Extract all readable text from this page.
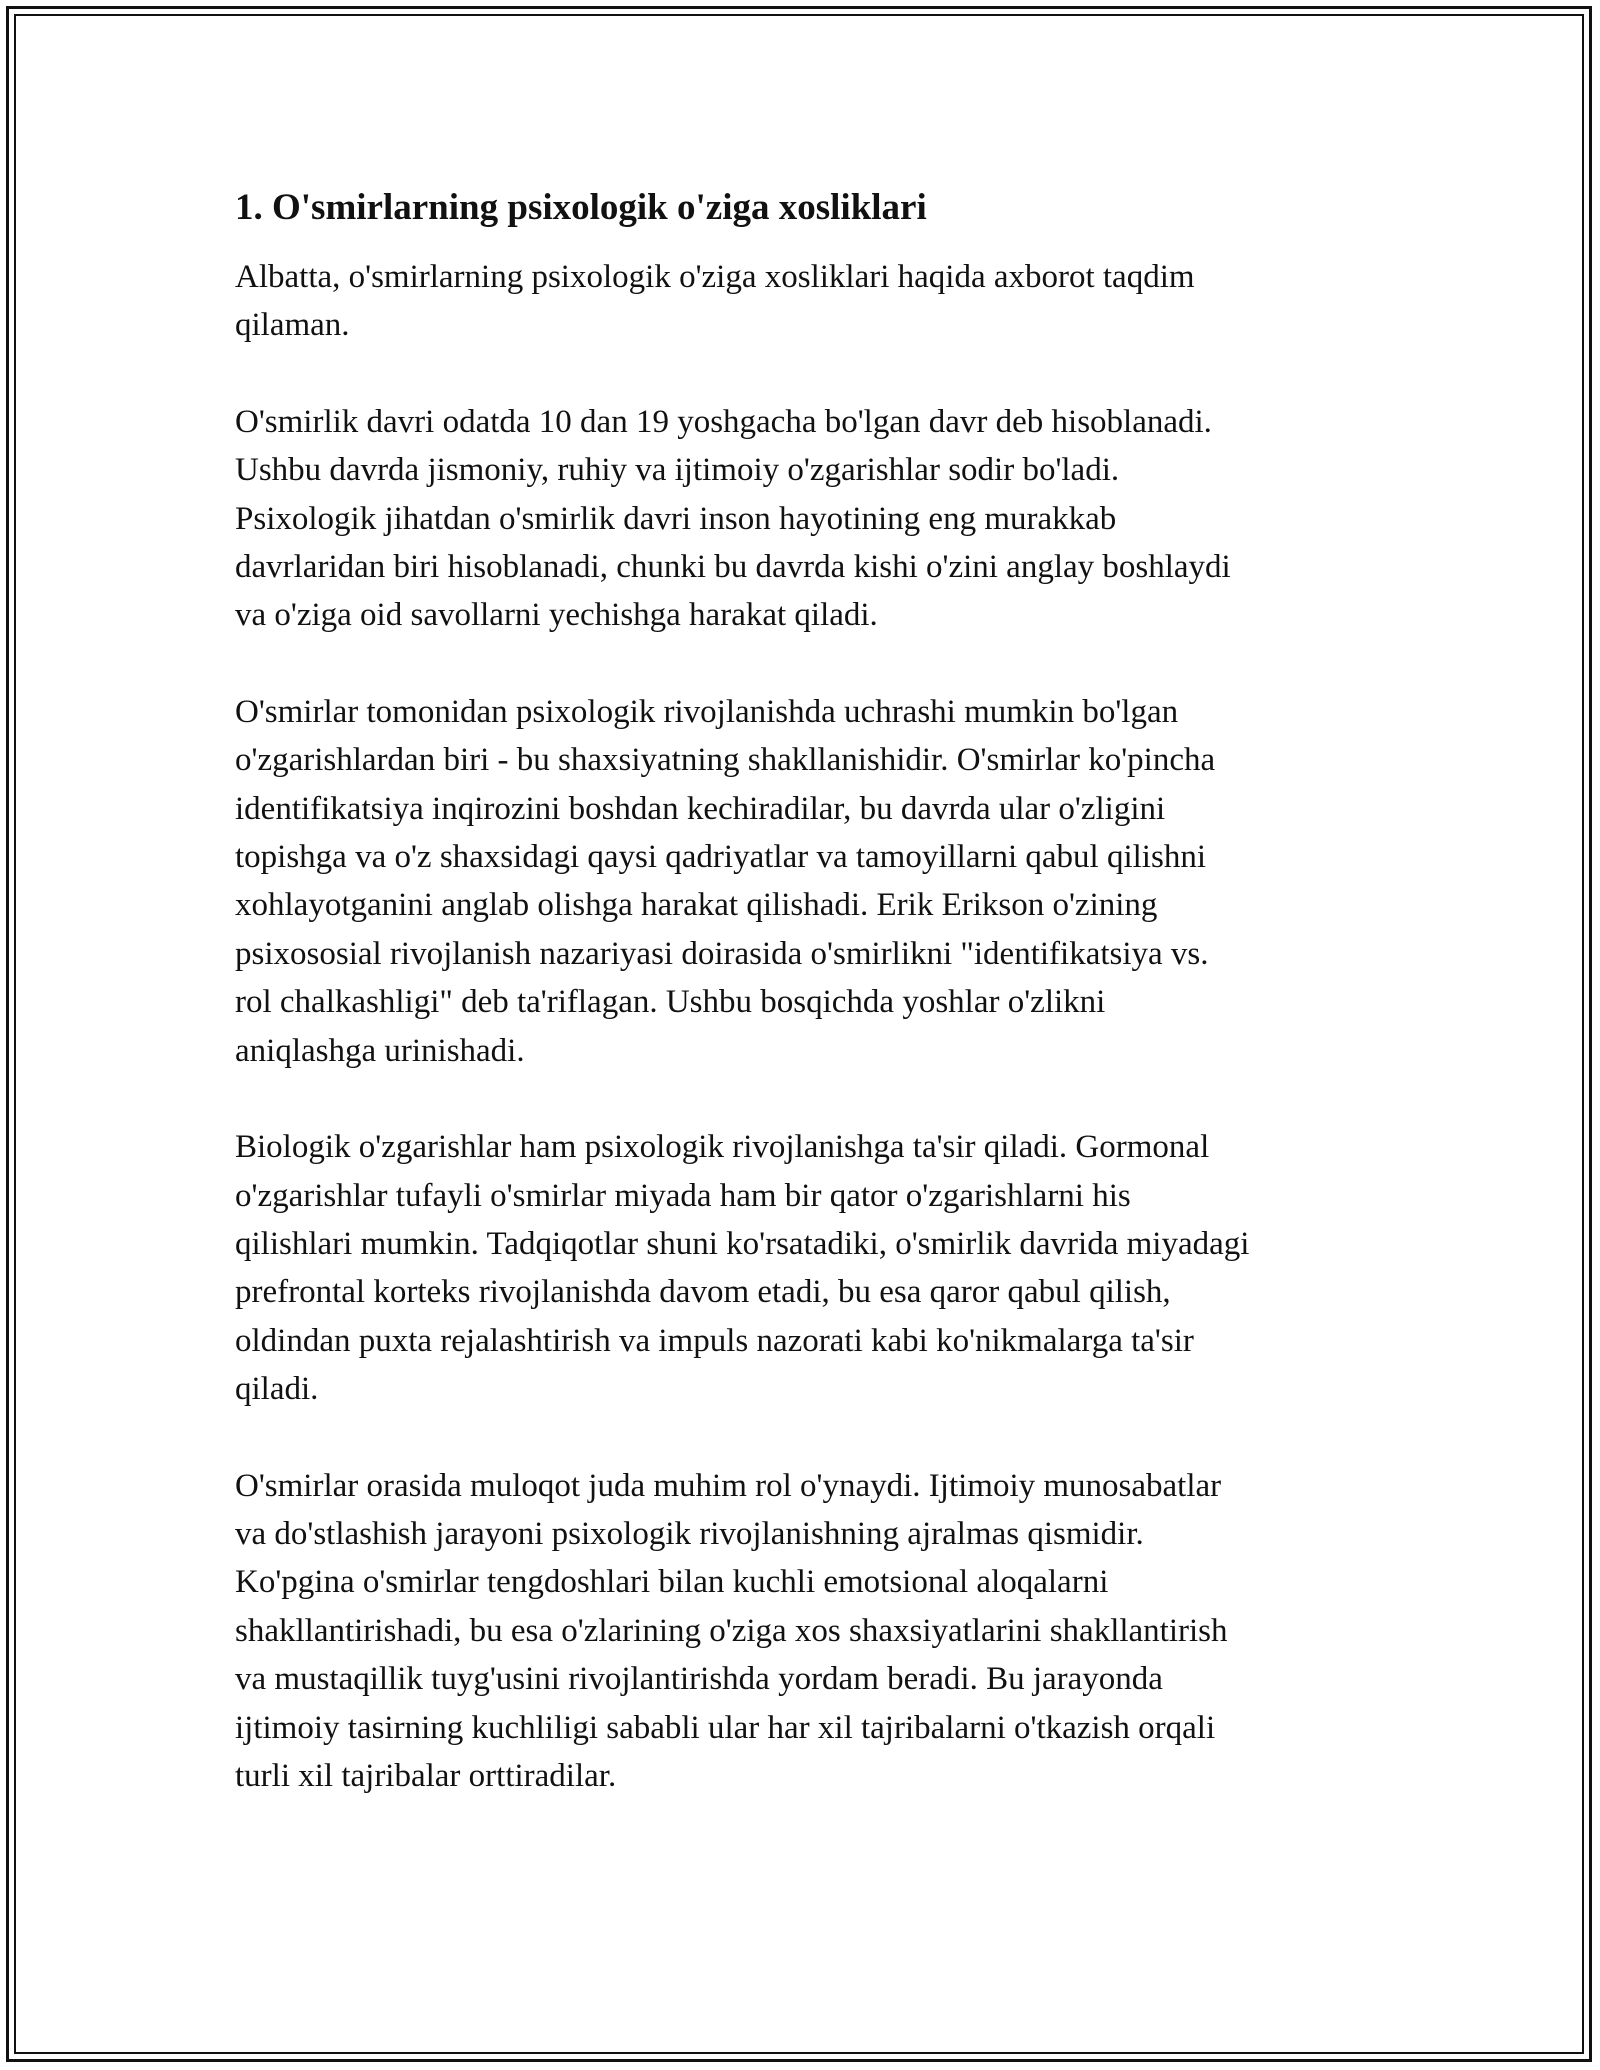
1. O'smirlarning psixologik o'ziga xosliklari

Albatta, o'smirlarning psixologik o'ziga xosliklari haqida axborot taqdim
qilaman.

O'smirlik davri odatda 10 dan 19 yoshgacha bo'lgan davr deb hisoblanadi.
Ushbu davrda jismoniy, ruhiy va ijtimoiy o'zgarishlar sodir bo'ladi.
Psixologik jihatdan o'smirlik davri inson hayotining eng murakkab
davrlaridan biri hisoblanadi, chunki bu davrda kishi o'zini anglay boshlaydi
va o'ziga oid savollarni yechishga harakat qiladi.

O'smirlar tomonidan psixologik rivojlanishda uchrashi mumkin bo'lgan
o'zgarishlardan biri - bu shaxsiyatning shakllanishidir. O'smirlar ko'pincha
identifikatsiya inqirozini boshdan kechiradilar, bu davrda ular o'zligini
topishga va o'z shaxsidagi qaysi qadriyatlar va tamoyillarni qabul qilishni
xohlayotganini anglab olishga harakat qilishadi. Erik Erikson o'zining
psixososial rivojlanish nazariyasi doirasida o'smirlikni "identifikatsiya vs.
rol chalkashligi" deb ta'riflagan. Ushbu bosqichda yoshlar o'zlikni
aniqlashga urinishadi.

Biologik o'zgarishlar ham psixologik rivojlanishga ta'sir qiladi. Gormonal
o'zgarishlar tufayli o'smirlar miyada ham bir qator o'zgarishlarni his
qilishlari mumkin. Tadqiqotlar shuni ko'rsatadiki, o'smirlik davrida miyadagi
prefrontal korteks rivojlanishda davom etadi, bu esa qaror qabul qilish,
oldindan puxta rejalashtirish va impuls nazorati kabi ko'nikmalarga ta'sir
qiladi.

O'smirlar orasida muloqot juda muhim rol o'ynaydi. Ijtimoiy munosabatlar
va do'stlashish jarayoni psixologik rivojlanishning ajralmas qismidir.
Ko'pgina o'smirlar tengdoshlari bilan kuchli emotsional aloqalarni
shakllantirishadi, bu esa o'zlarining o'ziga xos shaxsiyatlarini shakllantirish
va mustaqillik tuyg'usini rivojlantirishda yordam beradi. Bu jarayonda
ijtimoiy tasirning kuchliligi sababli ular har xil tajribalarni o'tkazish orqali
turli xil tajribalar orttiradilar.
